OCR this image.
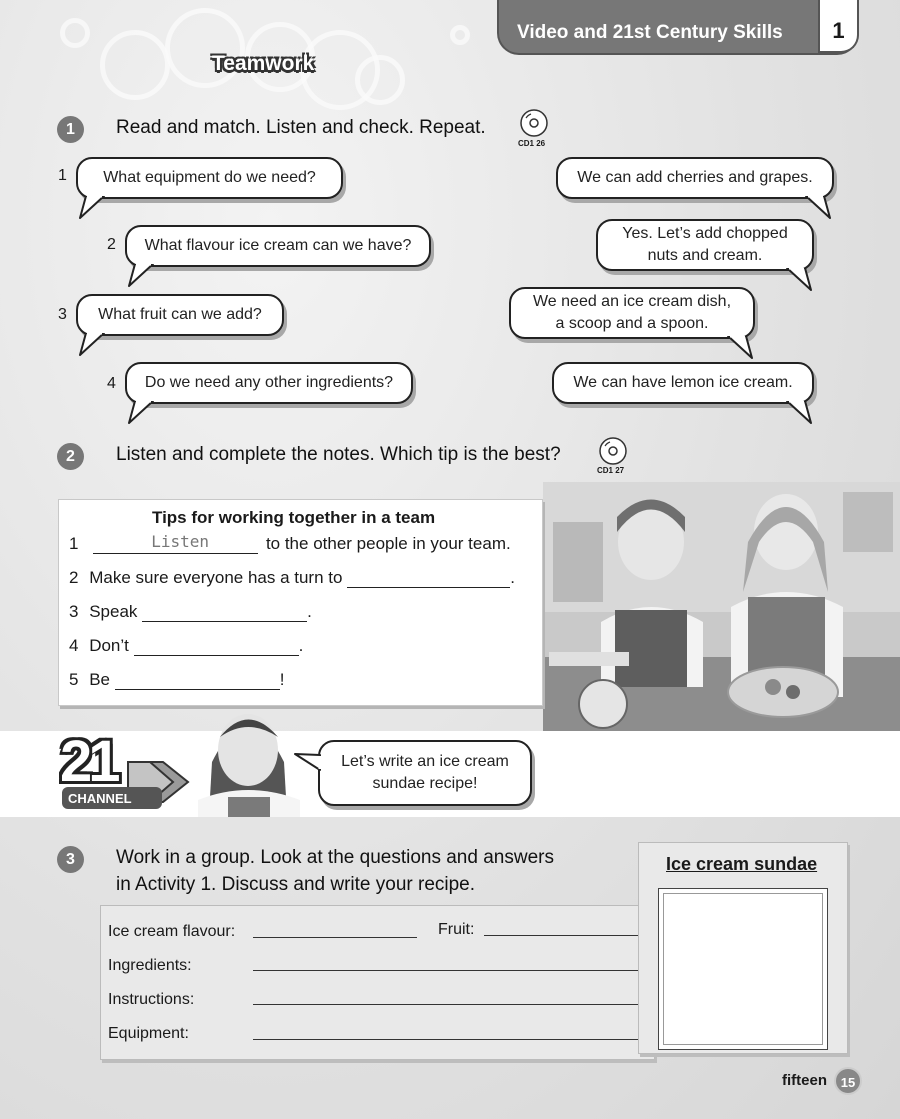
Video and 21st Century Skills	1
Teamwork
1	Read and match. Listen and check. Repeat.
CD1 26
1 What equipment do we need?
2 What flavour ice cream can we have?
3 What fruit can we add?
4 Do we need any other ingredients?
We can add cherries and grapes.
Yes. Let’s add chopped
nuts and cream.
We need an ice cream dish,
a scoop and a spoon.
We can have lemon ice cream.
2	Listen and complete the notes. Which tip is the best?
CD1 27
Tips for working together in a team
1	Listen	to the other people in your team.
2 Make sure everyone has a turn to	.
3 Speak	.
4 Don’t	.
5 Be	!
21
CHANNEL
Let’s write an ice cream
sundae recipe!
3	Work in a group. Look at the questions and answers
in Activity 1. Discuss and write your recipe.
Ice cream flavour:	Fruit:
Ingredients:
Instructions:
Equipment:
Ice cream sundae
fifteen	15
